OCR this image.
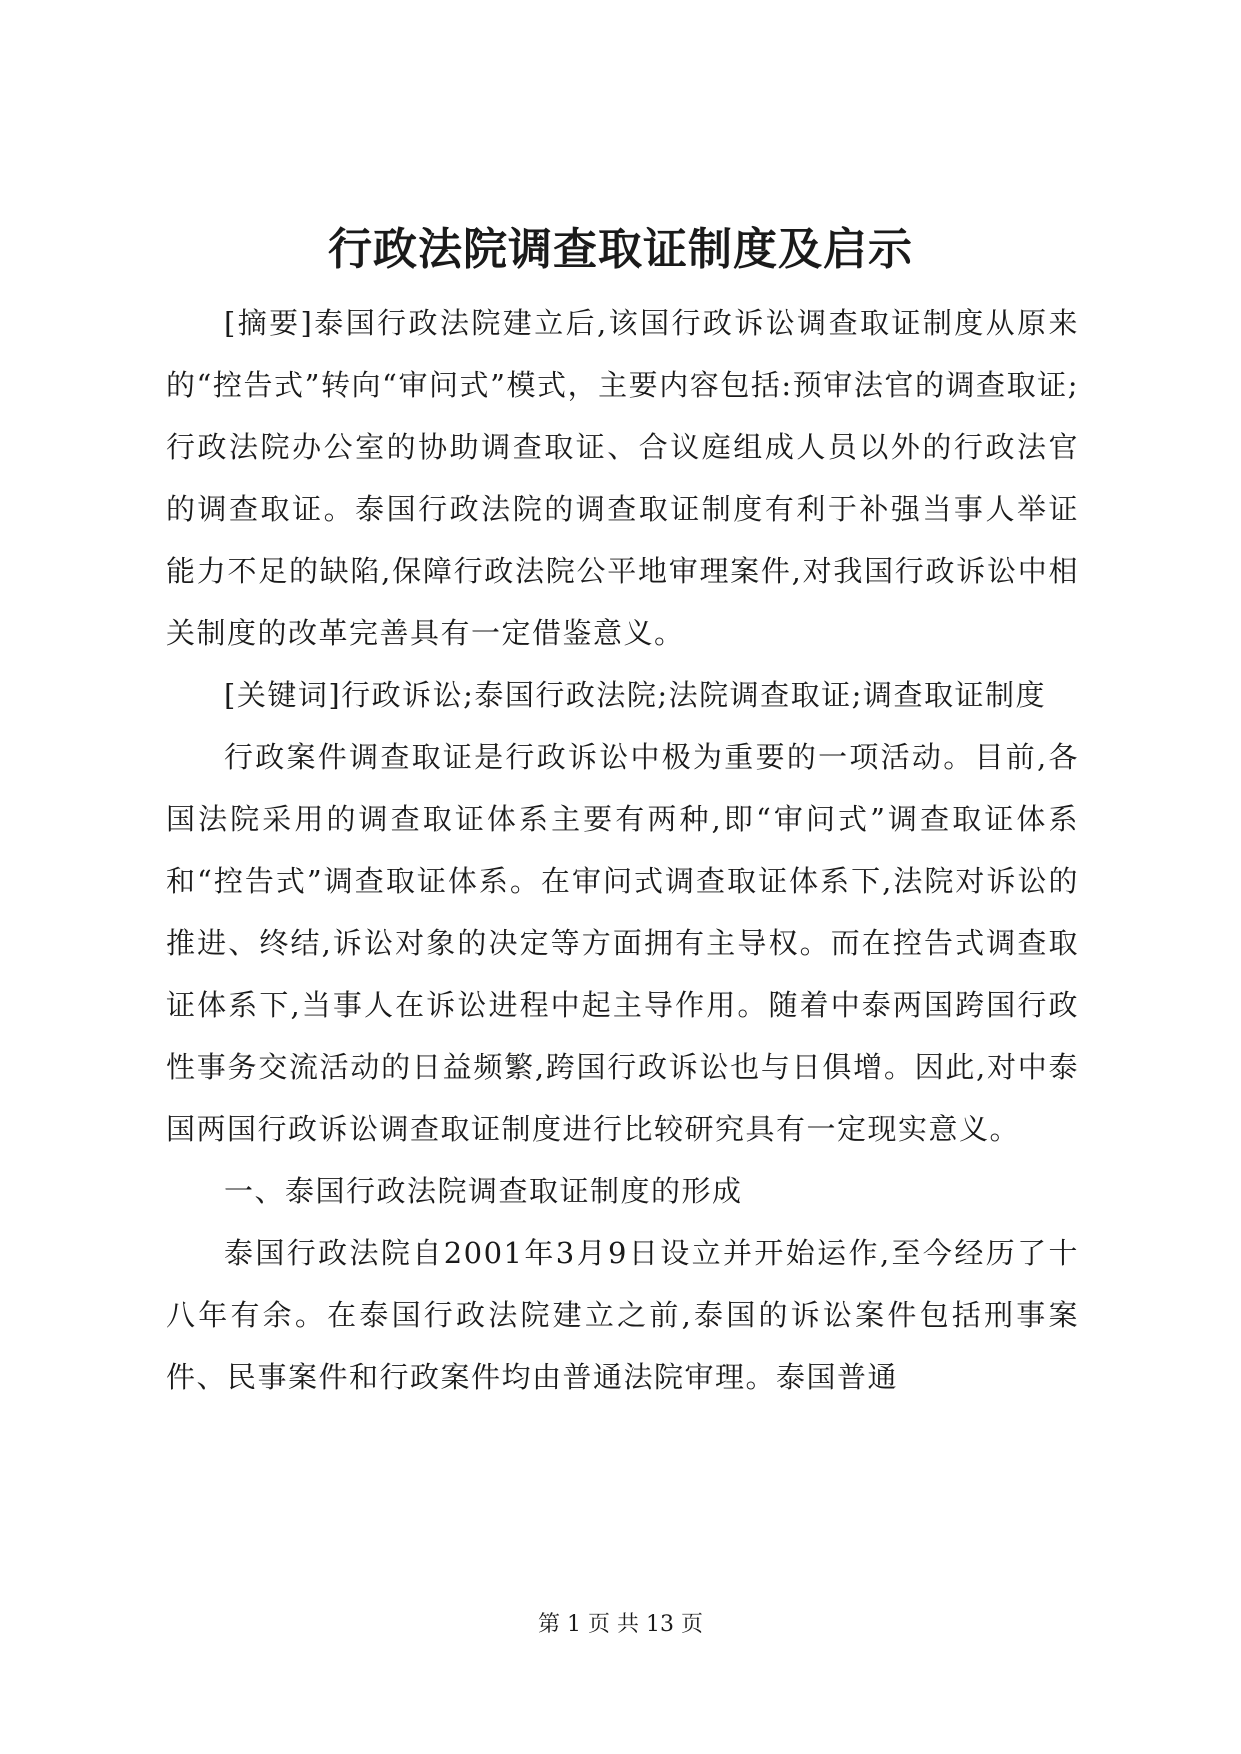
行政法院调查取证制度及启示

[摘要]泰国行政法院建立后,该国行政诉讼调查取证制度从原来的“控告式”转向“审问式”模式，主要内容包括:预审法官的调查取证;行政法院办公室的协助调查取证、合议庭组成人员以外的行政法官的调查取证。泰国行政法院的调查取证制度有利于补强当事人举证能力不足的缺陷,保障行政法院公平地审理案件,对我国行政诉讼中相关制度的改革完善具有一定借鉴意义。

[关键词]行政诉讼;泰国行政法院;法院调查取证;调查取证制度

行政案件调查取证是行政诉讼中极为重要的一项活动。目前,各国法院采用的调查取证体系主要有两种,即“审问式”调查取证体系和“控告式”调查取证体系。在审问式调查取证体系下,法院对诉讼的推进、终结,诉讼对象的决定等方面拥有主导权。而在控告式调查取证体系下,当事人在诉讼进程中起主导作用。随着中泰两国跨国行政性事务交流活动的日益频繁,跨国行政诉讼也与日俱增。因此,对中泰国两国行政诉讼调查取证制度进行比较研究具有一定现实意义。

一、泰国行政法院调查取证制度的形成

泰国行政法院自2001年3月9日设立并开始运作,至今经历了十八年有余。在泰国行政法院建立之前,泰国的诉讼案件包括刑事案件、民事案件和行政案件均由普通法院审理。泰国普通

第 1 页 共 13 页
